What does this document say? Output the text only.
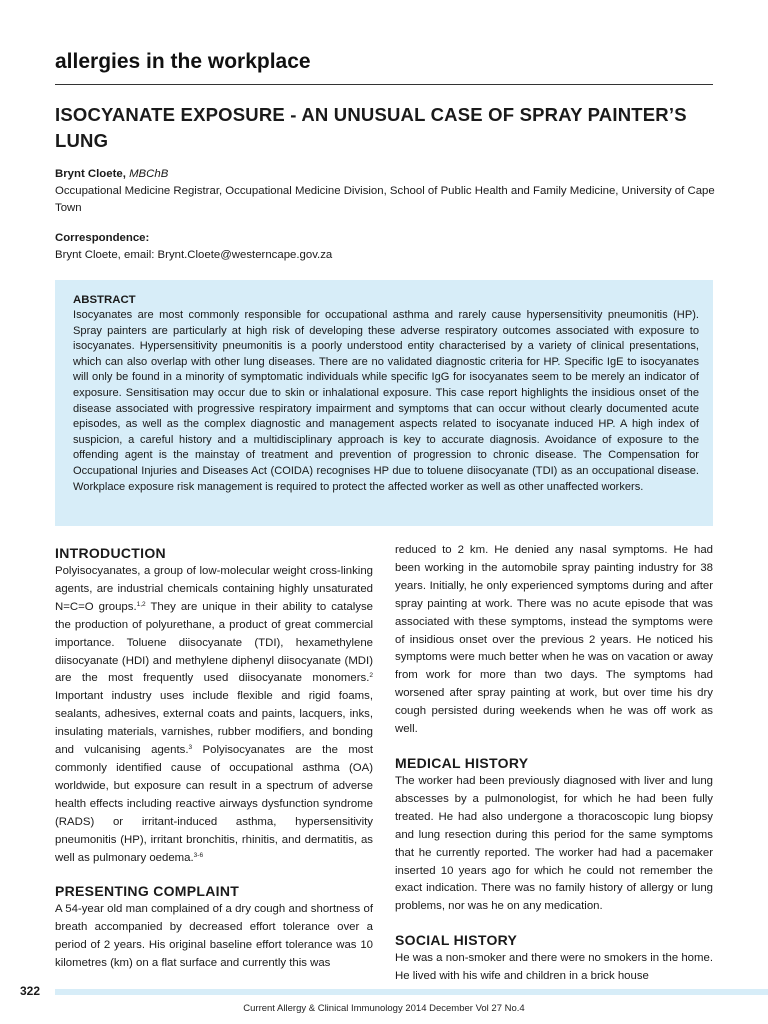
allergies in the workplace
ISOCYANATE EXPOSURE - AN UNUSUAL CASE OF SPRAY PAINTER’S LUNG
Brynt Cloete, MBChB
Occupational Medicine Registrar, Occupational Medicine Division, School of Public Health and Family Medicine, University of Cape Town
Correspondence:
Brynt Cloete, email: Brynt.Cloete@westerncape.gov.za
ABSTRACT
Isocyanates are most commonly responsible for occupational asthma and rarely cause hypersensitivity pneumonitis (HP). Spray painters are particularly at high risk of developing these adverse respiratory outcomes associated with exposure to isocyanates. Hypersensitivity pneumonitis is a poorly understood entity characterised by a variety of clinical presentations, which can also overlap with other lung diseases. There are no validated diagnostic criteria for HP. Specific IgE to isocyanates will only be found in a minority of symptomatic individuals while specific IgG for isocyanates seem to be merely an indicator of exposure. Sensitisation may occur due to skin or inhalational exposure. This case report highlights the insidious onset of the disease associated with progressive respiratory impairment and symptoms that can occur without clearly documented acute episodes, as well as the complex diagnostic and management aspects related to isocyanate induced HP. A high index of suspicion, a careful history and a multidisciplinary approach is key to accurate diagnosis. Avoidance of exposure to the offending agent is the mainstay of treatment and prevention of progression to chronic disease. The Compensation for Occupational Injuries and Diseases Act (COIDA) recognises HP due to toluene diisocyanate (TDI) as an occupational disease. Workplace exposure risk management is required to protect the affected worker as well as other unaffected workers.
INTRODUCTION

Polyisocyanates, a group of low-molecular weight cross-linking agents, are industrial chemicals containing highly unsaturated N=C=O groups.$^{1,2}$ They are unique in their ability to catalyse the production of polyurethane, a product of great commercial importance. Toluene diisocyanate (TDI), hexamethylene diisocyanate (HDI) and methylene diphenyl diisocyanate (MDI) are the most frequently used diisocyanate monomers.$^2$ Important industry uses include flexible and rigid foams, sealants, adhesives, external coats and paints, lacquers, inks, insulating materials, varnishes, rubber modifiers, and bonding and vulcanising agents.$^3$ Polyisocyanates are the most commonly identified cause of occupational asthma (OA) worldwide, but exposure can result in a spectrum of adverse health effects including reactive airways dysfunction syndrome (RADS) or irritant-induced asthma, hypersensitivity pneumonitis (HP), irritant bronchitis, rhinitis, and dermatitis, as well as pulmonary oedema.$^{3-6}$

PRESENTING COMPLAINT

A 54-year old man complained of a dry cough and shortness of breath accompanied by decreased effort tolerance over a period of 2 years. His original baseline effort tolerance was 10 kilometres (km) on a flat surface and currently this was

reduced to 2 km. He denied any nasal symptoms. He had been working in the automobile spray painting industry for 38 years. Initially, he only experienced symptoms during and after spray painting at work. There was no acute episode that was associated with these symptoms, instead the symptoms were of insidious onset over the previous 2 years. He noticed his symptoms were much better when he was on vacation or away from work for more than two days. The symptoms had worsened after spray painting at work, but over time his dry cough persisted during weekends when he was off work as well.

MEDICAL HISTORY

The worker had been previously diagnosed with liver and lung abscesses by a pulmonologist, for which he had been fully treated. He had also undergone a thoracoscopic lung biopsy and lung resection during this period for the same symptoms that he currently reported. The worker had had a pacemaker inserted 10 years ago for which he could not remember the exact indication. There was no family history of allergy or lung problems, nor was he on any medication.

SOCIAL HISTORY

He was a non-smoker and there were no smokers in the home. He lived with his wife and children in a brick house

322
Current Allergy & Clinical Immunology 2014 December Vol 27 No.4
